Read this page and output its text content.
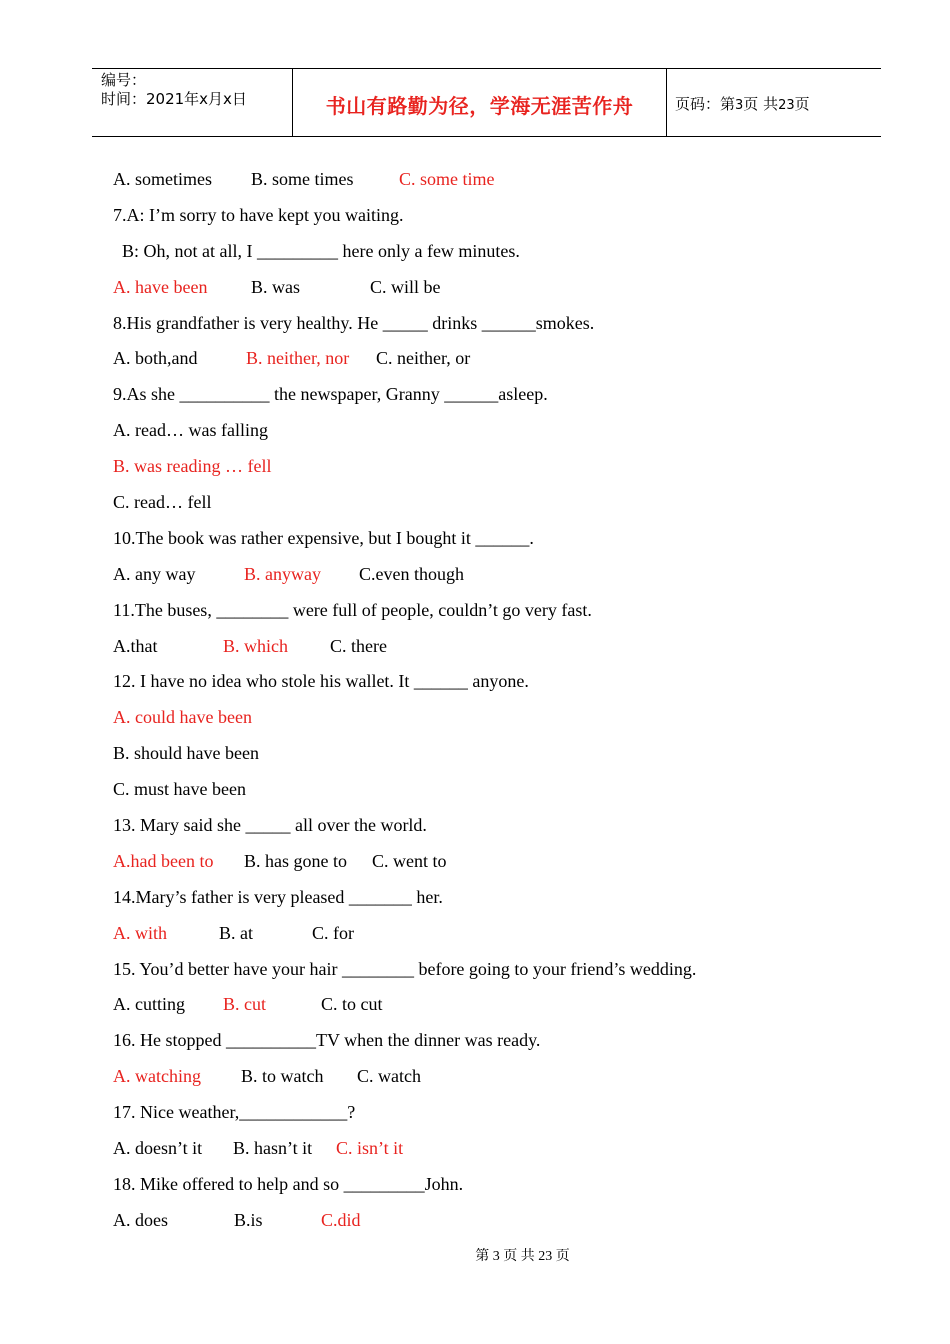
编号：
时间：2021年x月x日	书山有路勤为径，学海无涯苦作舟	页码：第3页 共23页
A. sometimes B. some times	C. some time
7.A: I’m sorry to have kept you waiting.
B: Oh, not at all, I _________ here only a few minutes.
A. have been B. was	C. will be
8.His grandfather is very healthy. He _____ drinks ______smokes.
A. both,and	B. neither, nor C. neither, or
9.As she __________ the newspaper, Granny ______asleep.
A. read… was falling
B. was reading … fell
C. read… fell
10.The book was rather expensive, but I bought it ______.
A. any way	B. anyway C.even though
11.The buses, ________ were full of people, couldn’t go very fast.
A.that	B. which C. there
12. I have no idea who stole his wallet. It ______ anyone.
A. could have been
B. should have been
C. must have been
13. Mary said she _____ all over the world.
A.had been to B. has gone to C. went to
14.Mary’s father is very pleased _______ her.
A. with	B. at	C. for
15. You’d better have your hair ________ before going to your friend’s wedding.
A. cutting B. cut	C. to cut
16. He stopped __________TV when the dinner was ready.
A. watching B. to watch C. watch
17. Nice weather,____________?
A. doesn’t it B. hasn’t it C. isn’t it
18. Mike offered to help and so _________John.
A. does	B.is	C.did
第 3 页 共 23 页
